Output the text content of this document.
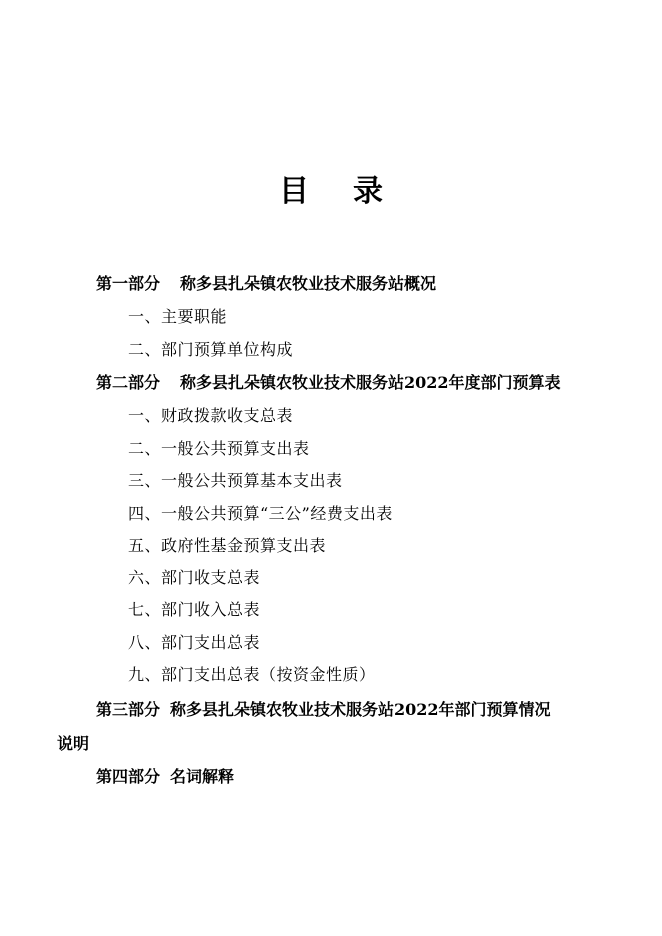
目录
第一部分 称多县扎朵镇农牧业技术服务站概况
一、主要职能
二、部门预算单位构成
第二部分 称多县扎朵镇农牧业技术服务站2022年度部门预算表
一、财政拨款收支总表
二、一般公共预算支出表
三、一般公共预算基本支出表
四、一般公共预算“三公”经费支出表
五、政府性基金预算支出表
六、部门收支总表
七、部门收入总表
八、部门支出总表
九、部门支出总表（按资金性质）
第三部分 称多县扎朵镇农牧业技术服务站2022年部门预算情况
说明
第四部分 名词解释
